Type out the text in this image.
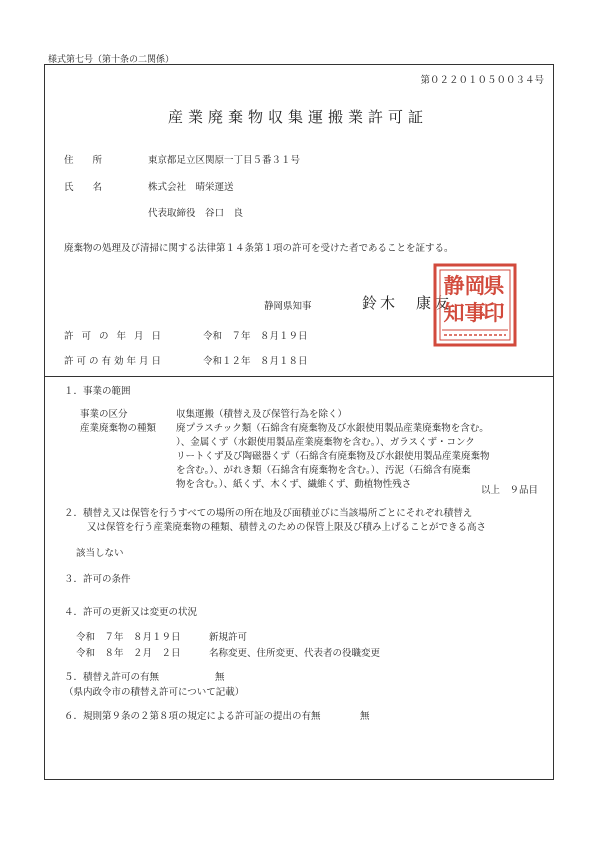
様式第七号（第十条の二関係）
第０２２０１０５００３４号
産業廃棄物収集運搬業許可証
住　　所	東京都足立区関原一丁目５番３１号
氏　　名	株式会社　晴栄運送
代表取締役　谷口　良
廃棄物の処理及び清掃に関する法律第１４条第１項の許可を受けた者であることを証する。
静岡県知事	鈴木　康友
県
印
岡
事
静
知
許可の年月日	令和　７年　８月１９日
許可の有効年月日	令和１２年　８月１８日
１．事業の範囲
事業の区分	収集運搬（積替え及び保管行為を除く）
産業廃棄物の種類 廃プラスチック類（石綿含有廃棄物及び水銀使用製品産業廃棄物を含む。
）、金属くず（水銀使用製品産業廃棄物を含む。）、ガラスくず・コンク
リートくず及び陶磁器くず（石綿含有廃棄物及び水銀使用製品産業廃棄物
を含む。）、がれき類（石綿含有廃棄物を含む。）、汚泥（石綿含有廃棄
物を含む。）、紙くず、木くず、繊維くず、動植物性残さ
以上　９品目
２．積替え又は保管を行うすべての場所の所在地及び面積並びに当該場所ごとにそれぞれ積替え
又は保管を行う産業廃棄物の種類、積替えのための保管上限及び積み上げることができる高さ
該当しない
３．許可の条件
４．許可の更新又は変更の状況
令和　７年　８月１９日	新規許可
令和　８年　２月　２日	名称変更、住所変更、代表者の役職変更
５．積替え許可の有無	無
（県内政令市の積替え許可について記載）
６．規則第９条の２第８項の規定による許可証の提出の有無	無
